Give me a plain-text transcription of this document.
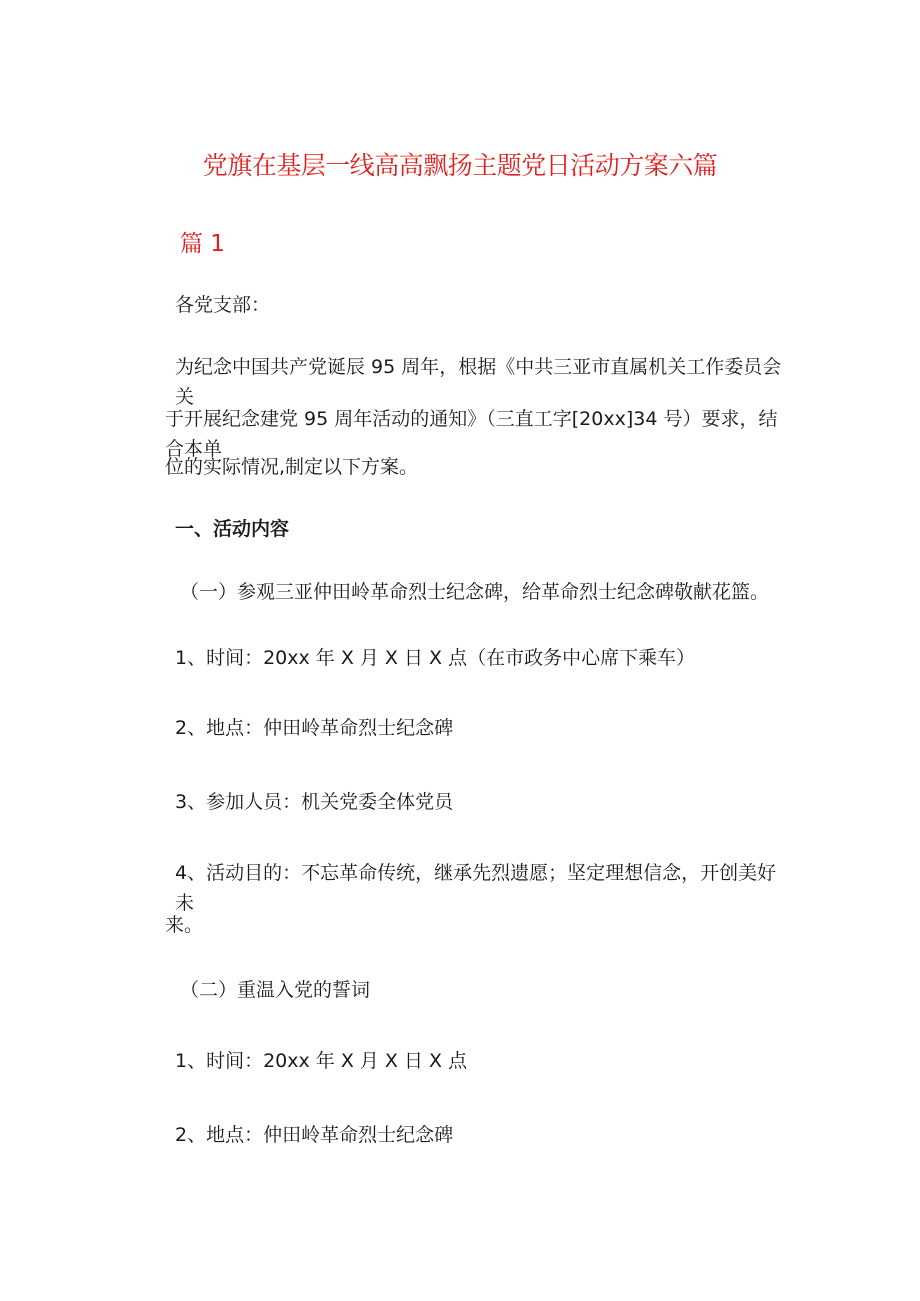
党旗在基层一线高高飘扬主题党日活动方案六篇
篇 1

各党支部：

为纪念中国共产党诞辰 95 周年，根据《中共三亚市直属机关工作委员会关

于开展纪念建党 95 周年活动的通知》（三直工字[20xx]34 号）要求，结合本单

位的实际情况,制定以下方案。

一、活动内容

（一）参观三亚仲田岭革命烈士纪念碑，给革命烈士纪念碑敬献花篮。

1、时间：20xx 年 X 月 X 日 X 点（在市政务中心席下乘车）

2、地点：仲田岭革命烈士纪念碑

3、参加人员：机关党委全体党员

4、活动目的：不忘革命传统，继承先烈遗愿；坚定理想信念，开创美好未

来。

（二）重温入党的誓词

1、时间：20xx 年 X 月 X 日 X 点

2、地点：仲田岭革命烈士纪念碑
